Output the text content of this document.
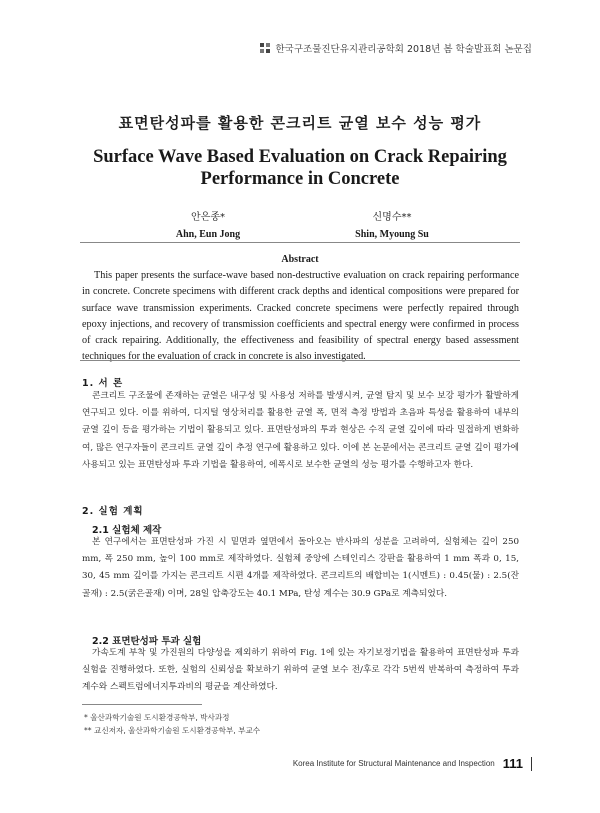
한국구조물진단유지관리공학회 2018년 봄 학술발표회 논문집
표면탄성파를 활용한 콘크리트 균열 보수 성능 평가
Surface Wave Based Evaluation on Crack Repairing Performance in Concrete
안은종*
Ahn, Eun Jong
신명수**
Shin, Myoung Su
Abstract
This paper presents the surface-wave based non-destructive evaluation on crack repairing performance in concrete. Concrete specimens with different crack depths and identical compositions were prepared for surface wave transmission experiments. Cracked concrete specimens were perfectly repaired through epoxy injections, and recovery of transmission coefficients and spectral energy were confirmed in process of crack repairing. Additionally, the effectiveness and feasibility of spectral energy based assessment techniques for the evaluation of crack in concrete is also investigated.
1. 서 론
콘크리트 구조물에 존재하는 균열은 내구성 및 사용성 저하를 발생시켜, 균열 탐지 및 보수 보강 평가가 활발하게 연구되고 있다. 이를 위하여, 디지털 영상처리를 활용한 균열 폭, 면적 측정 방법과 초음파 특성을 활용하여 내부의 균열 깊이 등을 평가하는 기법이 활용되고 있다. 표면탄성파의 투과 현상은 수직 균열 깊이에 따라 밀접하게 변화하여, 많은 연구자들이 콘크리트 균열 깊이 추정 연구에 활용하고 있다. 이에 본 논문에서는 콘크리트 균열 깊이 평가에 사용되고 있는 표면탄성파 투과 기법을 활용하여, 에폭시로 보수한 균열의 성능 평가를 수행하고자 한다.
2. 실험 계획
2.1 실험체 제작
본 연구에서는 표면탄성파 가진 시 밑면과 옆면에서 돌아오는 반사파의 성분을 고려하여, 실험체는 깊이 250 mm, 폭 250 mm, 높이 100 mm로 제작하였다. 실험체 중앙에 스테인리스 강판을 활용하여 1 mm 폭과 0, 15, 30, 45 mm 깊이를 가지는 콘크리트 시편 4개를 제작하였다. 콘크리트의 배합비는 1(시멘트) : 0.45(물) : 2.5(잔골재) : 2.5(굵은골재) 이며, 28일 압축강도는 40.1 MPa, 탄성 계수는 30.9 GPa로 계측되었다.
2.2 표면탄성파 투과 실험
가속도계 부착 및 가진원의 다양성을 제외하기 위하여 Fig. 1에 있는 자기보정기법을 활용하여 표면탄성파 투과 실험을 진행하였다. 또한, 실험의 신뢰성을 확보하기 위하여 균열 보수 전/후로 각각 5번씩 반복하여 측정하여 투과계수와 스펙트럼에너지투과비의 평균을 계산하였다.
* 울산과학기술원 도시환경공학부, 박사과정
** 교신저자, 울산과학기술원 도시환경공학부, 부교수
Korea Institute for Structural Maintenance and Inspection 111
